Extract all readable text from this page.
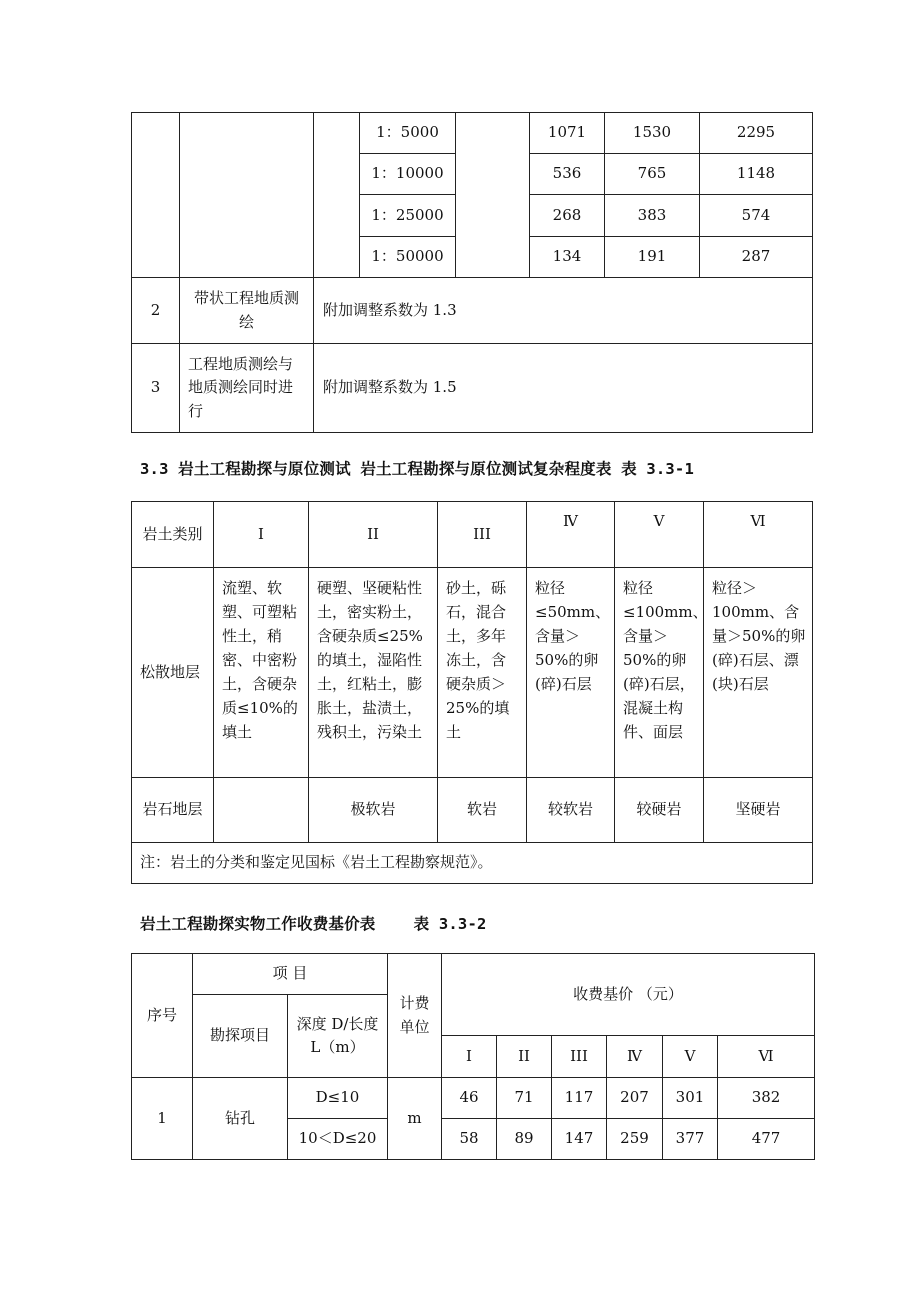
			1：5000		1071	1530	2295
			1：10000		536	765	1148
			1：25000		268	383	574
			1：50000		134	191	287
2	带状工程地质测绘	附加调整系数为 1.3					
3	工程地质测绘与地质测绘同时进行	附加调整系数为 1.5					
3.3 岩土工程勘探与原位测试 岩土工程勘探与原位测试复杂程度表 表 3.3-1
岩土类别	I	II	III	Ⅳ	V	Ⅵ
松散地层	流塑、软塑、可塑粘性土，稍密、中密粉土，含硬杂质≤10%的填土	硬塑、坚硬粘性土，密实粉土，含硬杂质≤25%的填土，湿陷性土，红粘土，膨胀土，盐渍土，残积土，污染土	砂土，砾石，混合土，多年冻土，含硬杂质＞25%的填土	粒径≤50mm、含量＞50%的卵(碎)石层	粒径≤100mm、含量＞50%的卵(碎)石层，混凝土构件、面层	粒径＞100mm、含量＞50%的卵(碎)石层、漂(块)石层
岩石地层		极软岩	软岩	较软岩	较硬岩	坚硬岩
注：岩土的分类和鉴定见国标《岩土工程勘察规范》。						
岩土工程勘探实物工作收费基价表    表 3.3-2
序号	项 目		计费单位	收费基价 （元）					
	勘探项目	深度 D/长度 L（m）							
				I	II	III	Ⅳ	V	Ⅵ
1	钻孔	D≤10	m	46	71	117	207	301	382
		10＜D≤20		58	89	147	259	377	477
